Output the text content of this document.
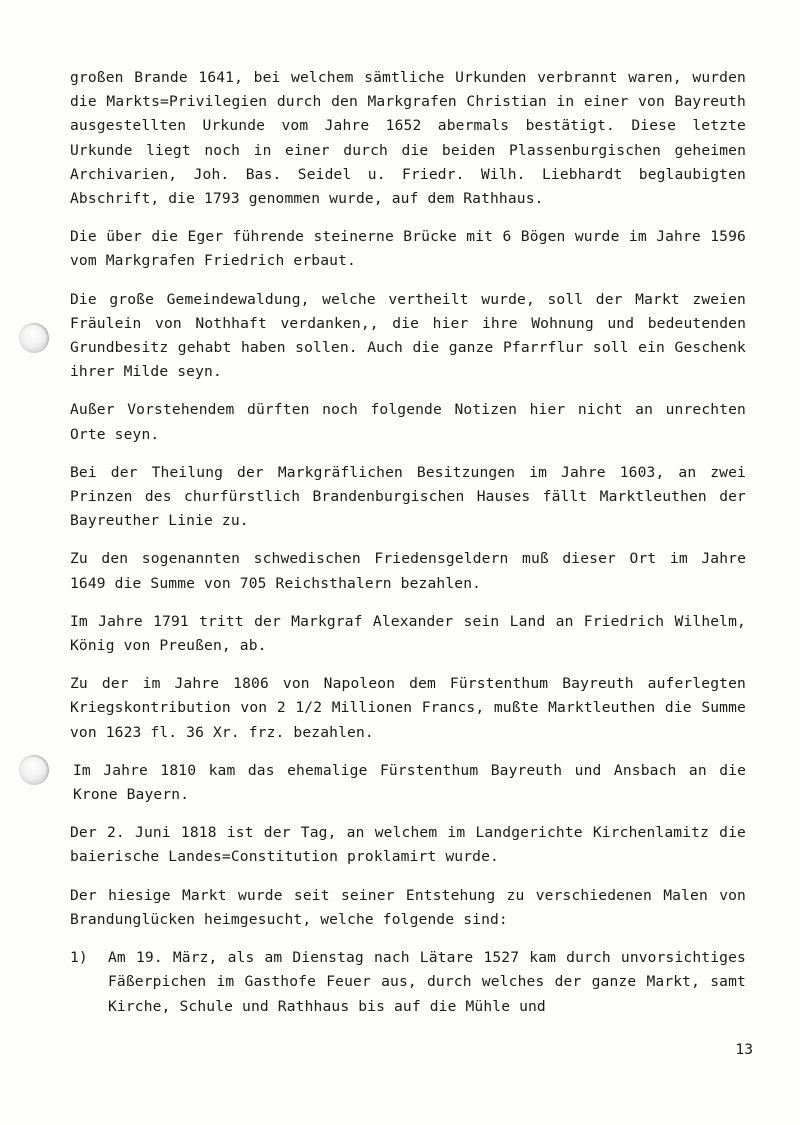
großen Brande 1641, bei welchem sämtliche Urkunden verbrannt waren, wurden die Markts=Privilegien durch den Markgrafen Christian in einer von Bayreuth ausgestellten Urkunde vom Jahre 1652 abermals bestätigt. Diese letzte Urkunde liegt noch in einer durch die beiden Plassenburgischen geheimen Archivarien, Joh. Bas. Seidel u. Friedr. Wilh. Liebhardt beglaubigten Abschrift, die 1793 genommen wurde, auf dem Rathhaus.

Die über die Eger führende steinerne Brücke mit 6 Bögen wurde im Jahre 1596 vom Markgrafen Friedrich erbaut.

Die große Gemeindewaldung, welche vertheilt wurde, soll der Markt zweien Fräulein von Nothhaft verdanken,, die hier ihre Wohnung und bedeutenden Grundbesitz gehabt haben sollen. Auch die ganze Pfarrflur soll ein Geschenk ihrer Milde seyn.

Außer Vorstehendem dürften noch folgende Notizen hier nicht an unrechten Orte seyn.

Bei der Theilung der Markgräflichen Besitzungen im Jahre 1603, an zwei Prinzen des churfürstlich Brandenburgischen Hauses fällt Marktleuthen der Bayreuther Linie zu.

Zu den sogenannten schwedischen Friedensgeldern muß dieser Ort im Jahre 1649 die Summe von 705 Reichsthalern bezahlen.

Im Jahre 1791 tritt der Markgraf Alexander sein Land an Friedrich Wilhelm, König von Preußen, ab.

Zu der im Jahre 1806 von Napoleon dem Fürstenthum Bayreuth auferlegten Kriegskontribution von 2 1/2 Millionen Francs, mußte Marktleuthen die Summe von 1623 fl. 36 Xr. frz. bezahlen.

Im Jahre 1810 kam das ehemalige Fürstenthum Bayreuth und Ansbach an die Krone Bayern.

Der 2. Juni 1818 ist der Tag, an welchem im Landgerichte Kirchenlamitz die baierische Landes=Constitution proklamirt wurde.

Der hiesige Markt wurde seit seiner Entstehung zu verschiedenen Malen von Brandunglücken heimgesucht, welche folgende sind:

1) Am 19. März, als am Dienstag nach Lätare 1527 kam durch unvorsichtiges Fäßerpichen im Gasthofe Feuer aus, durch welches der ganze Markt, samt Kirche, Schule und Rathhaus bis auf die Mühle und
13
